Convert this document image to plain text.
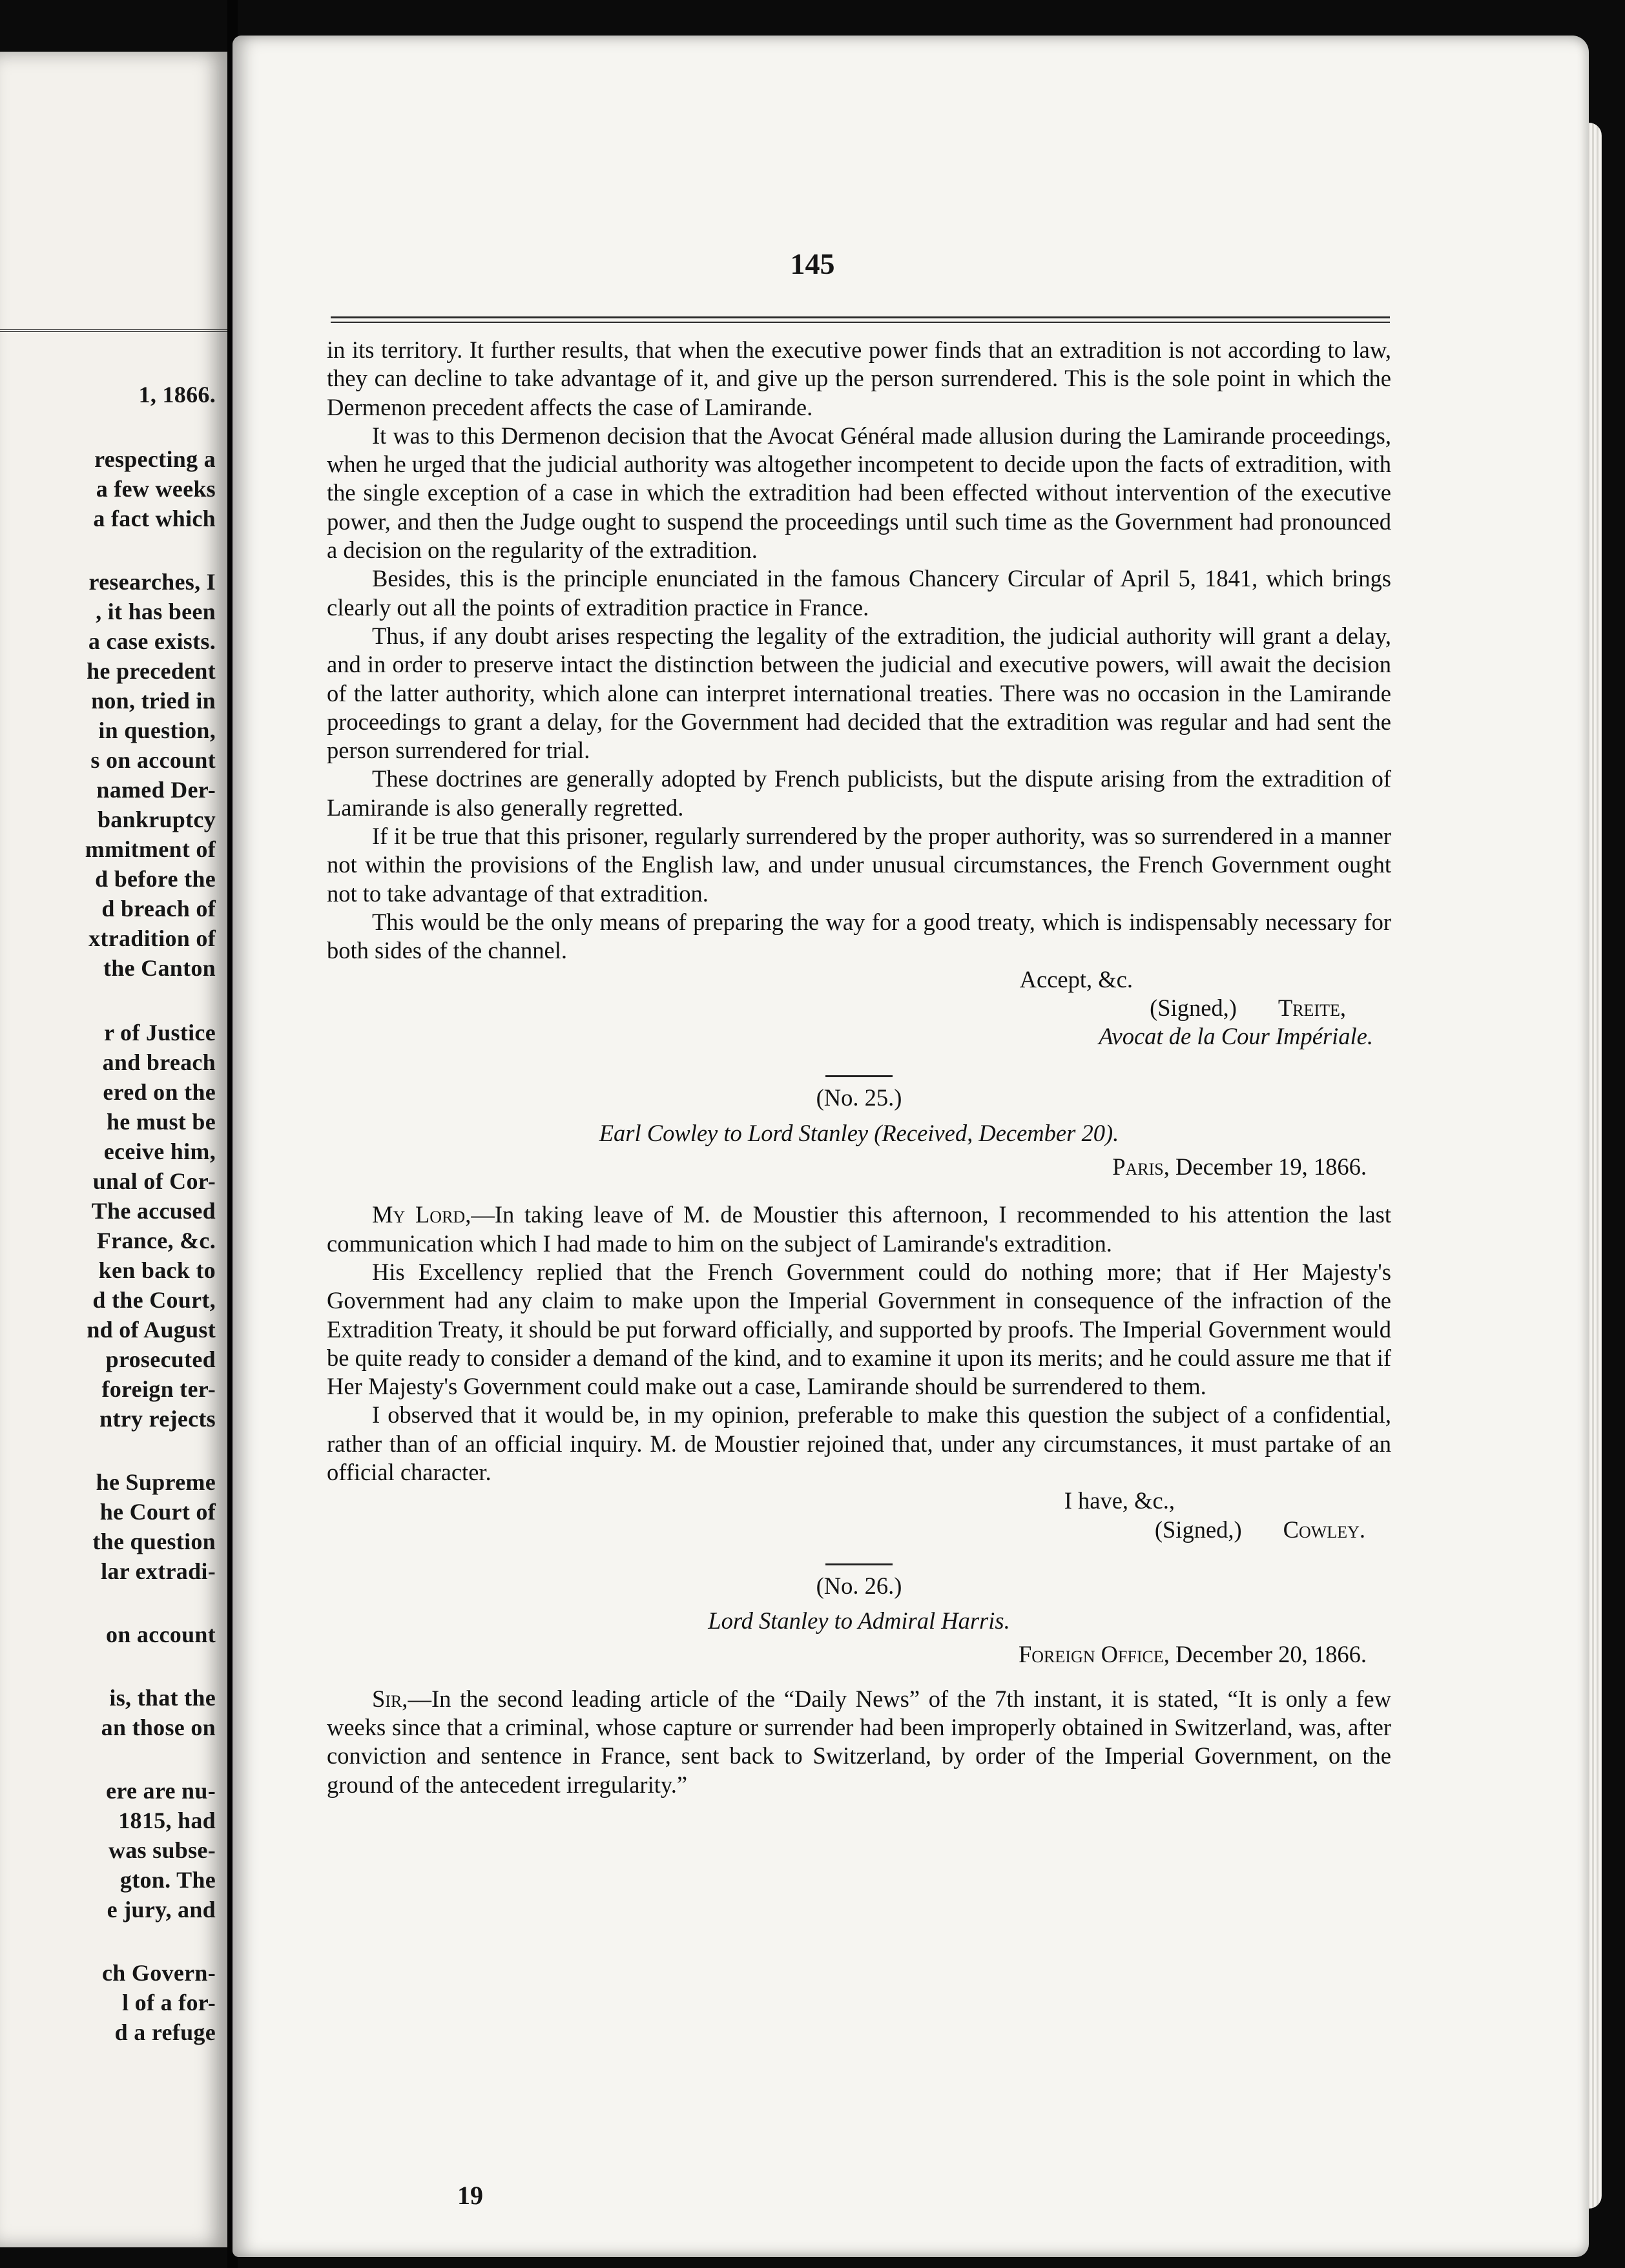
1, 1866.
respecting a
a few weeks
a fact which
researches, I
, it has been
a case exists.
he precedent
non, tried in
in question,
s on account
named Der-
bankruptcy
mmitment of
d before the
d breach of
xtradition of
the Canton
r of Justice
and breach
ered on the
he must be
eceive him,
unal of Cor-
The accused
France, &c.
ken back to
d the Court,
nd of August
prosecuted
foreign ter-
ntry rejects
he Supreme
he Court of
the question
lar extradi-
on account
is, that the
an those on
ere are nu-
1815, had
was subse-
gton. The
e jury, and
ch Govern-
l of a for-
d a refuge
145

in its territory. It further results, that when the executive power finds that an extradition is not according to law, they can decline to take advantage of it, and give up the person surrendered. This is the sole point in which the Dermenon precedent affects the case of Lamirande.

It was to this Dermenon decision that the Avocat Général made allusion during the Lamirande proceedings, when he urged that the judicial authority was altogether incompetent to decide upon the facts of extradition, with the single exception of a case in which the extradition had been effected without intervention of the executive power, and then the Judge ought to suspend the proceedings until such time as the Government had pronounced a decision on the regularity of the extradition.

Besides, this is the principle enunciated in the famous Chancery Circular of April 5, 1841, which brings clearly out all the points of extradition practice in France.

Thus, if any doubt arises respecting the legality of the extradition, the judicial authority will grant a delay, and in order to preserve intact the distinction between the judicial and executive powers, will await the decision of the latter authority, which alone can interpret international treaties. There was no occasion in the Lamirande proceedings to grant a delay, for the Government had decided that the extradition was regular and had sent the person surrendered for trial.

These doctrines are generally adopted by French publicists, but the dispute arising from the extradition of Lamirande is also generally regretted.

If it be true that this prisoner, regularly surrendered by the proper authority, was so surrendered in a manner not within the provisions of the English law, and under unusual circumstances, the French Government ought not to take advantage of that extradition.

This would be the only means of preparing the way for a good treaty, which is indispensably necessary for both sides of the channel.

Accept, &c.
(Signed,) Treite,
Avocat de la Cour Impériale.
(No. 25.)
Earl Cowley to Lord Stanley (Received, December 20).
Paris, December 19, 1866.

My Lord,—In taking leave of M. de Moustier this afternoon, I recommended to his attention the last communication which I had made to him on the subject of Lamirande's extradition.

His Excellency replied that the French Government could do nothing more; that if Her Majesty's Government had any claim to make upon the Imperial Government in consequence of the infraction of the Extradition Treaty, it should be put forward officially, and supported by proofs. The Imperial Government would be quite ready to consider a demand of the kind, and to examine it upon its merits; and he could assure me that if Her Majesty's Government could make out a case, Lamirande should be surrendered to them.

I observed that it would be, in my opinion, preferable to make this question the subject of a confidential, rather than of an official inquiry. M. de Moustier rejoined that, under any circumstances, it must partake of an official character.

I have, &c.,
(Signed,) Cowley.
(No. 26.)
Lord Stanley to Admiral Harris.
Foreign Office, December 20, 1866.

Sir,—In the second leading article of the “Daily News” of the 7th instant, it is stated, “It is only a few weeks since that a criminal, whose capture or surrender had been improperly obtained in Switzerland, was, after conviction and sentence in France, sent back to Switzerland, by order of the Imperial Government, on the ground of the antecedent irregularity.”

19
